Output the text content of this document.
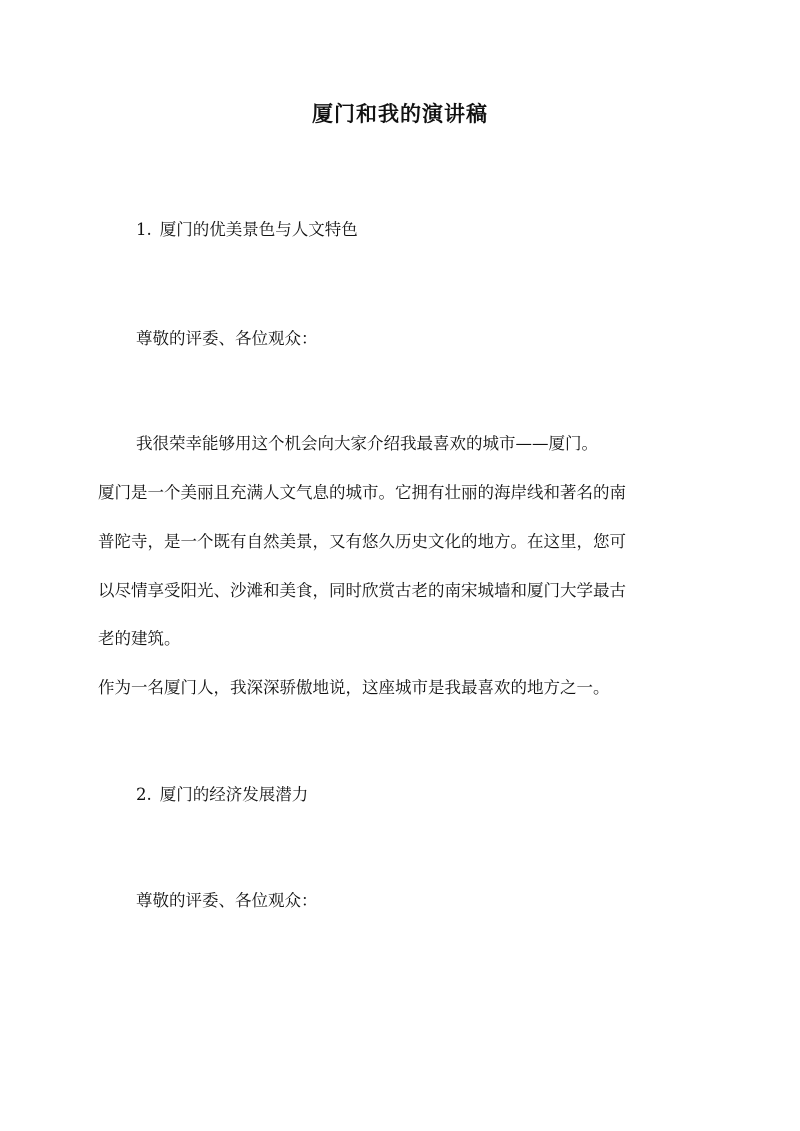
厦门和我的演讲稿
1. 厦门的优美景色与人文特色
尊敬的评委、各位观众：
我很荣幸能够用这个机会向大家介绍我最喜欢的城市——厦门。
厦门是一个美丽且充满人文气息的城市。它拥有壮丽的海岸线和著名的南
普陀寺，是一个既有自然美景，又有悠久历史文化的地方。在这里，您可
以尽情享受阳光、沙滩和美食，同时欣赏古老的南宋城墙和厦门大学最古
老的建筑。
作为一名厦门人，我深深骄傲地说，这座城市是我最喜欢的地方之一。
2. 厦门的经济发展潜力
尊敬的评委、各位观众：
